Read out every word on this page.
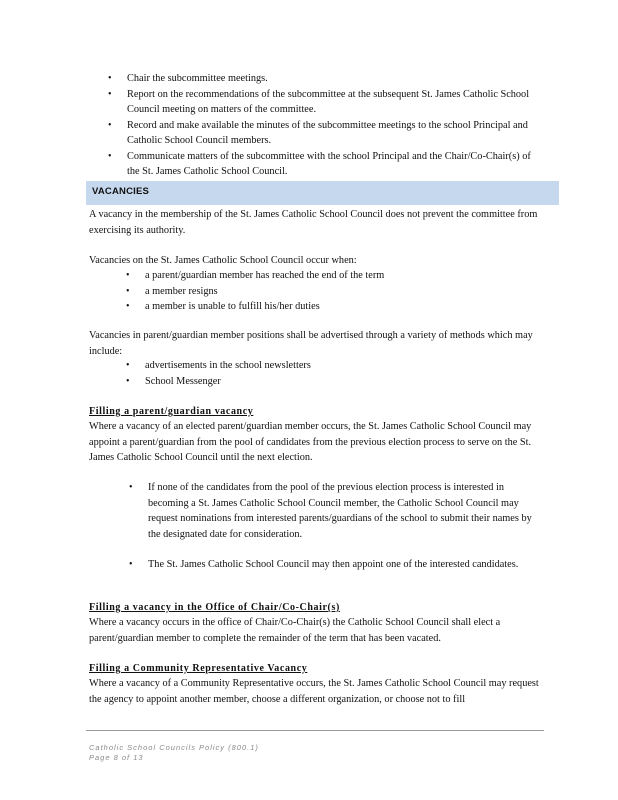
• Chair the subcommittee meetings.
• Report on the recommendations of the subcommittee at the subsequent St. James Catholic School Council meeting on matters of the committee.
• Record and make available the minutes of the subcommittee meetings to the school Principal and Catholic School Council members.
• Communicate matters of the subcommittee with the school Principal and the Chair/Co-Chair(s) of the St. James Catholic School Council.
VACANCIES
A vacancy in the membership of the St. James Catholic School Council does not prevent the committee from exercising its authority.
Vacancies on the St. James Catholic School Council occur when:
• a parent/guardian member has reached the end of the term
• a member resigns
• a member is unable to fulfill his/her duties
Vacancies in parent/guardian member positions shall be advertised through a variety of methods which may include:
• advertisements in the school newsletters
• School Messenger
Filling a parent/guardian vacancy
Where a vacancy of an elected parent/guardian member occurs, the St. James Catholic School Council may appoint a parent/guardian from the pool of candidates from the previous election process to serve on the St. James Catholic School Council until the next election.
• If none of the candidates from the pool of the previous election process is interested in becoming a St. James Catholic School Council member, the Catholic School Council may request nominations from interested parents/guardians of the school to submit their names by the designated date for consideration.
• The St. James Catholic School Council may then appoint one of the interested candidates.
Filling a vacancy in the Office of Chair/Co-Chair(s)
Where a vacancy occurs in the office of Chair/Co-Chair(s) the Catholic School Council shall elect a parent/guardian member to complete the remainder of the term that has been vacated.
Filling a Community Representative Vacancy
Where a vacancy of a Community Representative occurs, the St. James Catholic School Council may request the agency to appoint another member, choose a different organization, or choose not to fill
Catholic School Councils Policy (800.1)
Page 8 of 13
